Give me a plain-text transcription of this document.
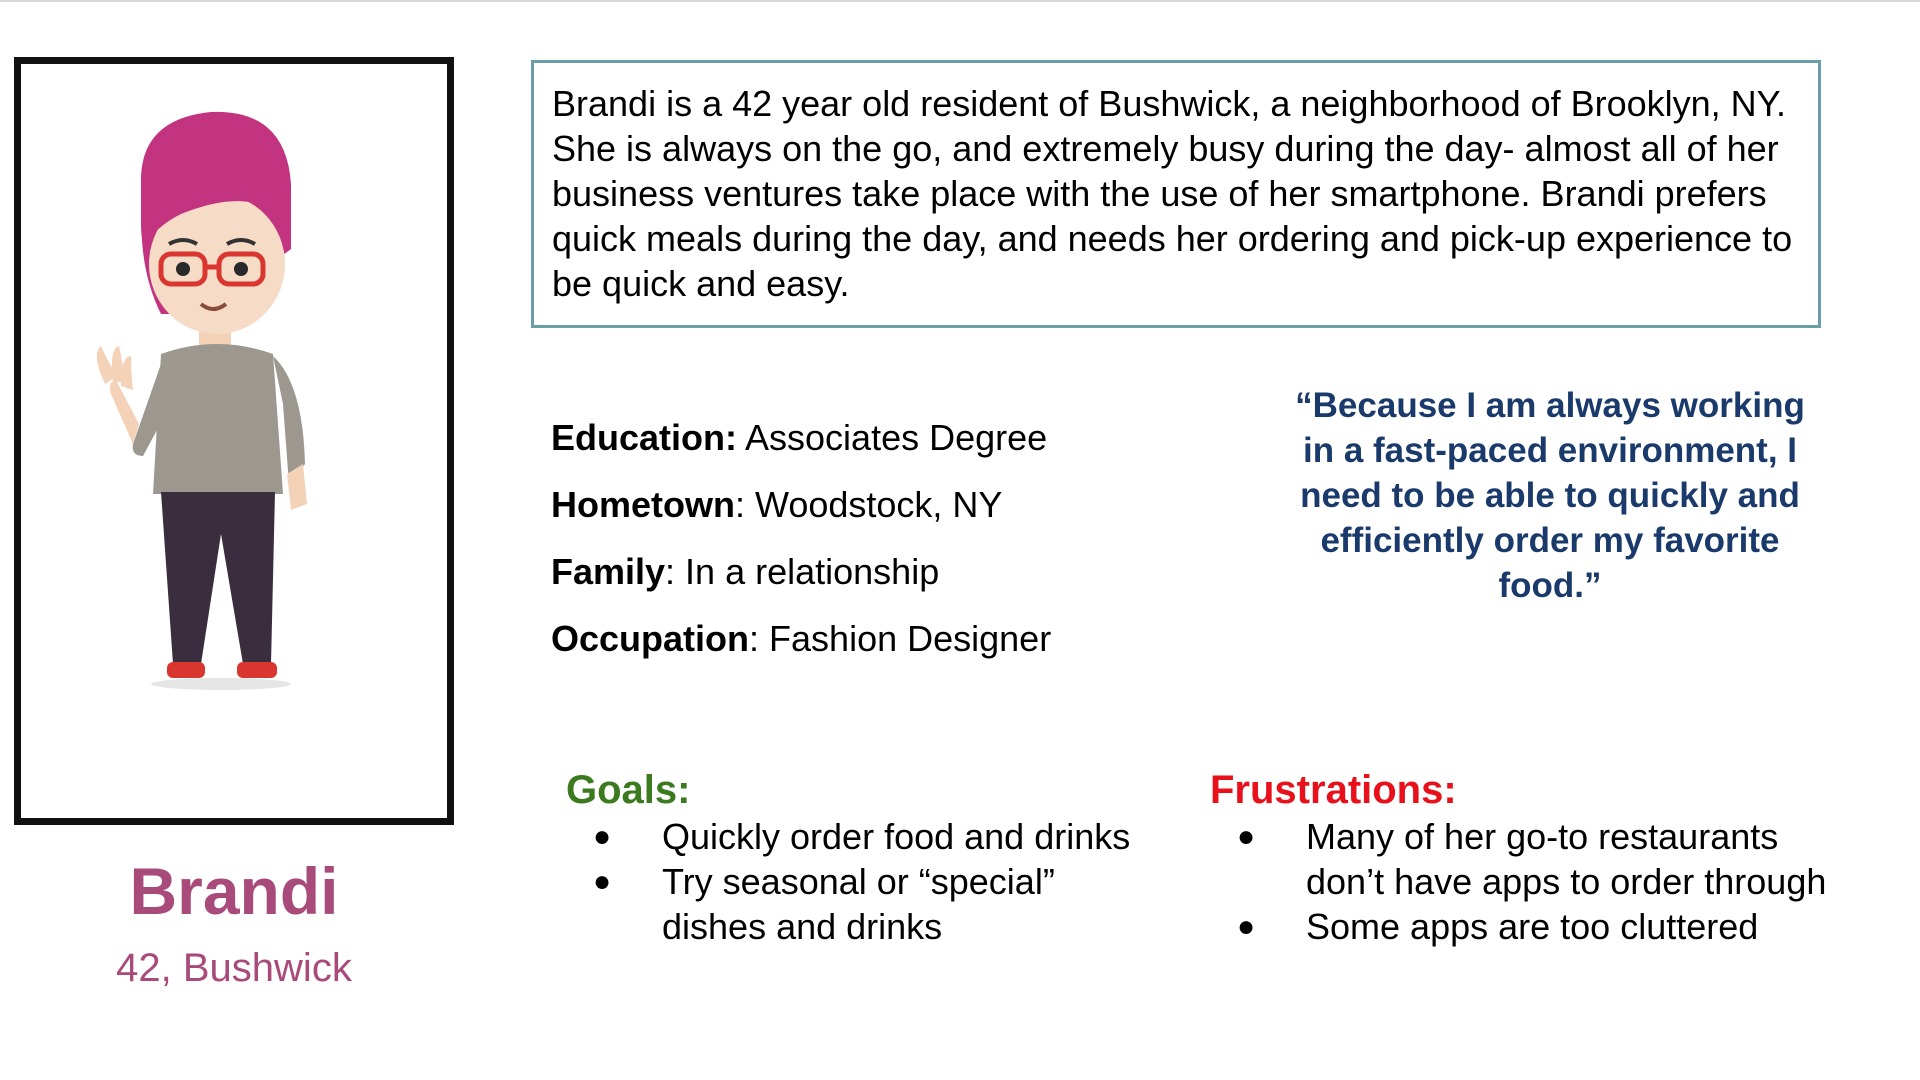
Brandi
42, Bushwick
Brandi is a 42 year old resident of Bushwick, a neighborhood of Brooklyn, NY. She is always on the go, and extremely busy during the day- almost all of her business ventures take place with the use of her smartphone. Brandi prefers quick meals during the day, and needs her ordering and pick-up experience to be quick and easy.
Education: Associates Degree
Hometown: Woodstock, NY
Family: In a relationship
Occupation: Fashion Designer
“Because I am always working in a fast-paced environment, I need to be able to quickly and efficiently order my favorite food.”
Goals:
● Quickly order food and drinks
● Try seasonal or “special” dishes and drinks
Frustrations:
● Many of her go-to restaurants don’t have apps to order through
● Some apps are too cluttered
